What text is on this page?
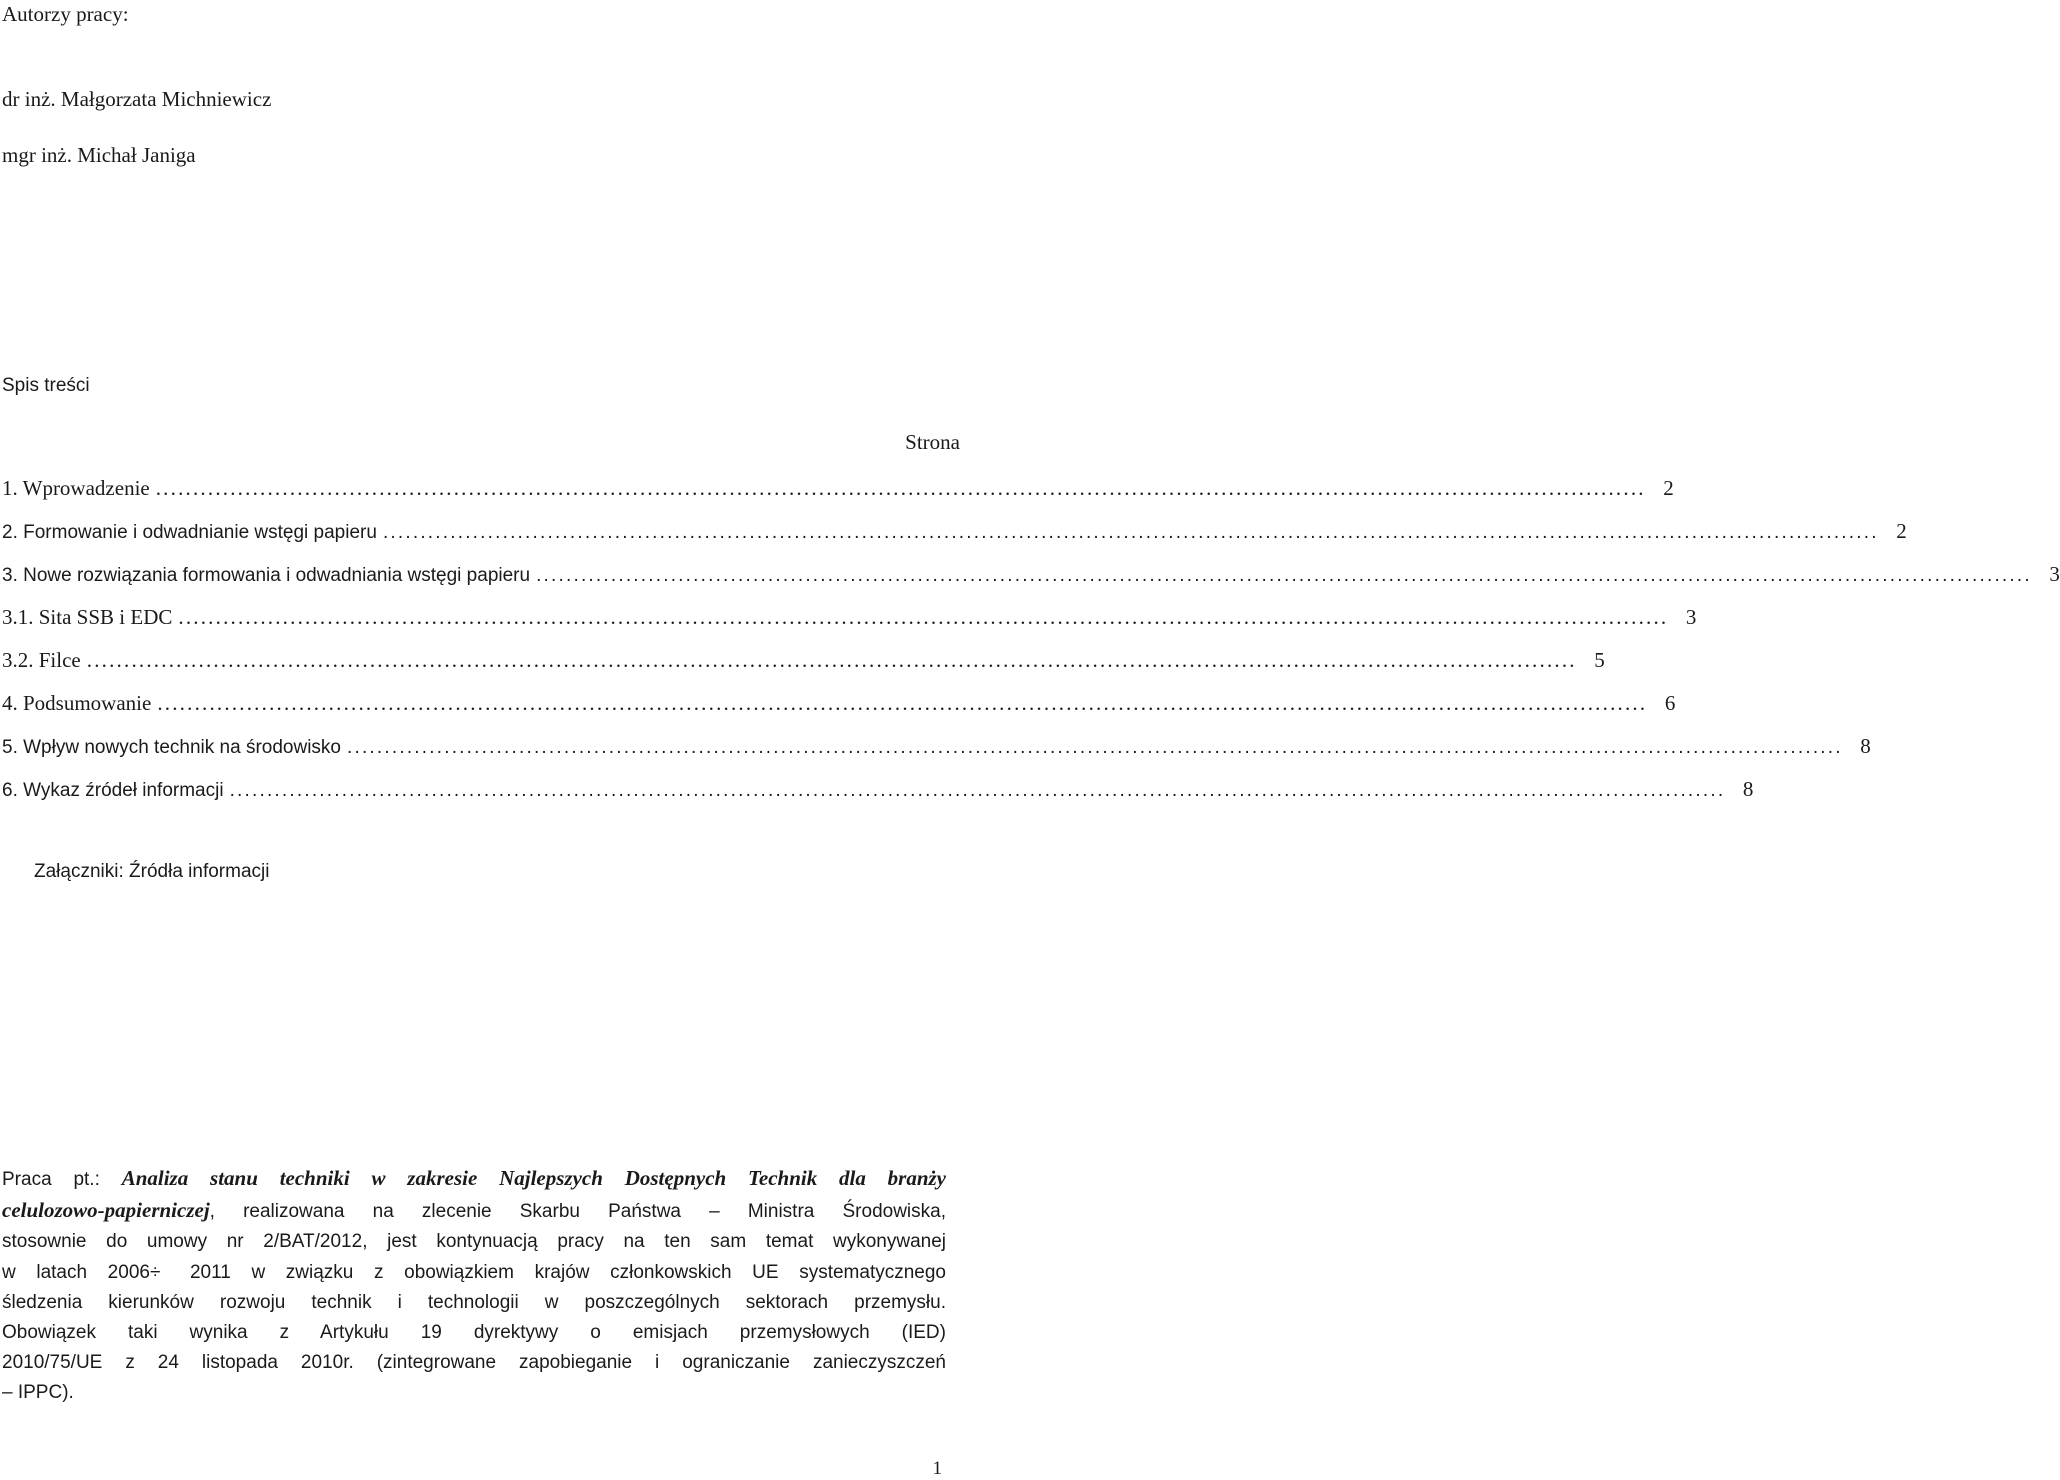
Autorzy pracy:
dr inż. Małgorzata Michniewicz
mgr inż. Michał Janiga
Spis treści
Strona
1. Wprowadzenie ........................................................................................................................................................................................................ 2
2. Formowanie i odwadnianie wstęgi papieru ........................................................................................................................................................................................................ 2
3. Nowe rozwiązania formowania i odwadniania wstęgi papieru ........................................................................................................................................................................................................ 3
3.1. Sita SSB i EDC ........................................................................................................................................................................................................ 3
3.2. Filce ........................................................................................................................................................................................................ 5
4. Podsumowanie ........................................................................................................................................................................................................ 6
5. Wpływ nowych technik na środowisko ........................................................................................................................................................................................................ 8
6. Wykaz źródeł informacji ........................................................................................................................................................................................................ 8
Załączniki: Źródła informacji
Praca pt.: Analiza stanu techniki w zakresie Najlepszych Dostępnych Technik dla branży
celulozowo-papierniczej, realizowana na zlecenie Skarbu Państwa – Ministra Środowiska,
stosownie do umowy nr 2/BAT/2012, jest kontynuacją pracy na ten sam temat wykonywanej
w latach 2006÷ 2011 w związku z obowiązkiem krajów członkowskich UE systematycznego
śledzenia kierunków rozwoju technik i technologii w poszczególnych sektorach przemysłu.
Obowiązek taki wynika z Artykułu 19 dyrektywy o emisjach przemysłowych (IED)
2010/75/UE z 24 listopada 2010r. (zintegrowane zapobieganie i ograniczanie zanieczyszczeń
– IPPC).
1
